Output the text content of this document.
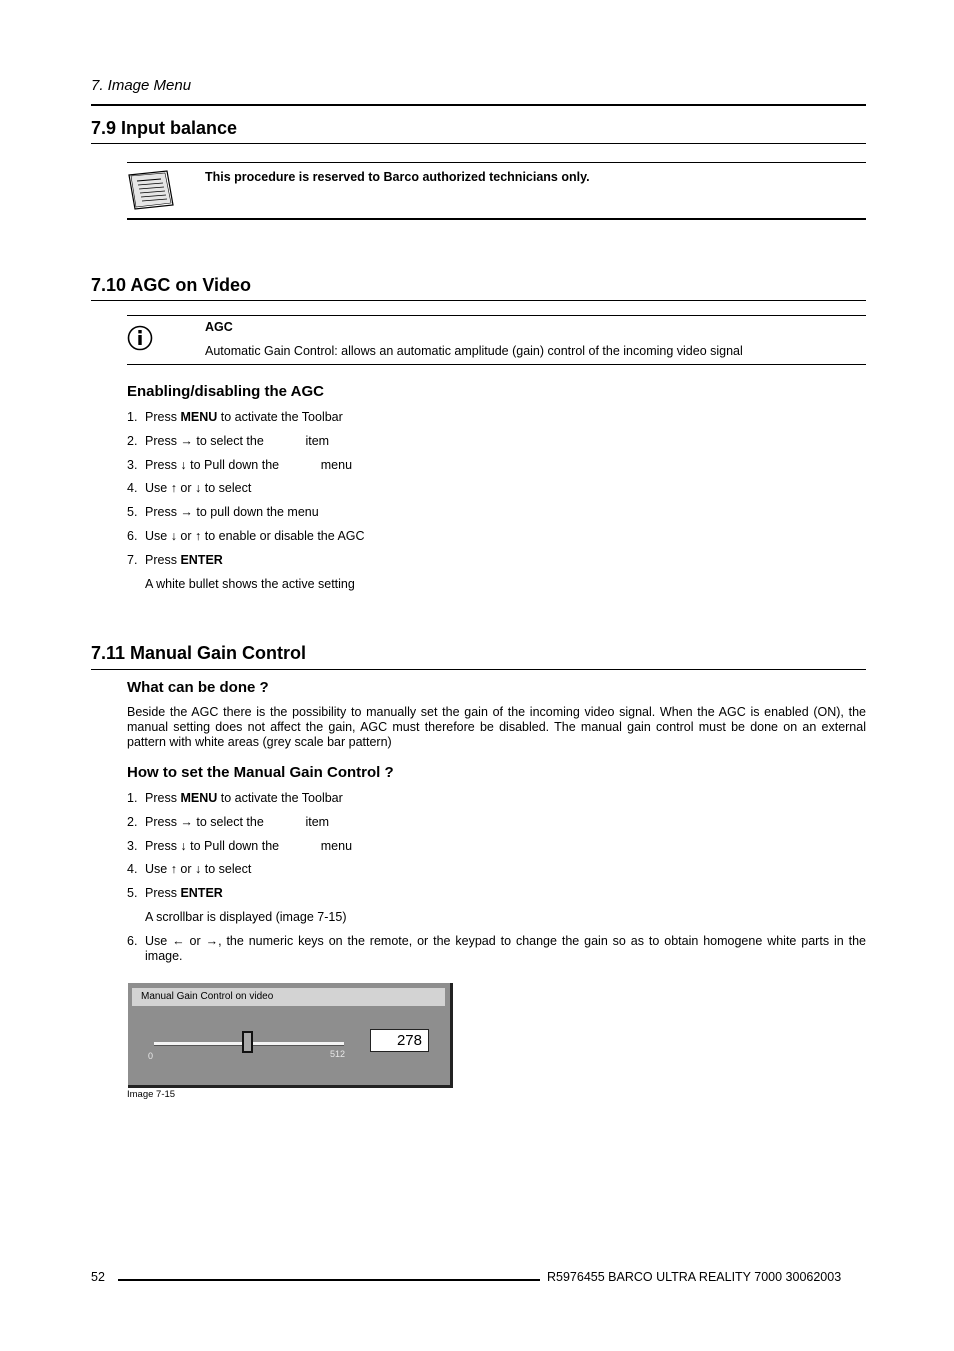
7. Image Menu
7.9 Input balance
This procedure is reserved to Barco authorized technicians only.
7.10 AGC on Video
AGC
Automatic Gain Control: allows an automatic amplitude (gain) control of the incoming video signal
Enabling/disabling the AGC
1. Press MENU to activate the Toolbar
2. Press → to select the            item
3. Press ↓ to Pull down the            menu
4. Use ↑ or ↓ to select
5. Press → to pull down the menu
6. Use ↓ or ↑ to enable or disable the AGC
7. Press ENTER
A white bullet shows the active setting
7.11 Manual Gain Control
What can be done ?
Beside the AGC there is the possibility to manually set the gain of the incoming video signal. When the AGC is enabled (ON), the manual setting does not affect the gain, AGC must therefore be disabled. The manual gain control must be done on an external pattern with white areas (grey scale bar pattern)
How to set the Manual Gain Control ?
1. Press MENU to activate the Toolbar
2. Press → to select the            item
3. Press ↓ to Pull down the            menu
4. Use ↑ or ↓ to select
5. Press ENTER
A scrollbar is displayed (image 7-15)
6. Use ← or →, the numeric keys on the remote, or the keypad to change the gain so as to obtain homogene white parts in the image.
Manual Gain Control on video
0	512
278
Image 7-15
52	R5976455 BARCO ULTRA REALITY 7000 30062003
